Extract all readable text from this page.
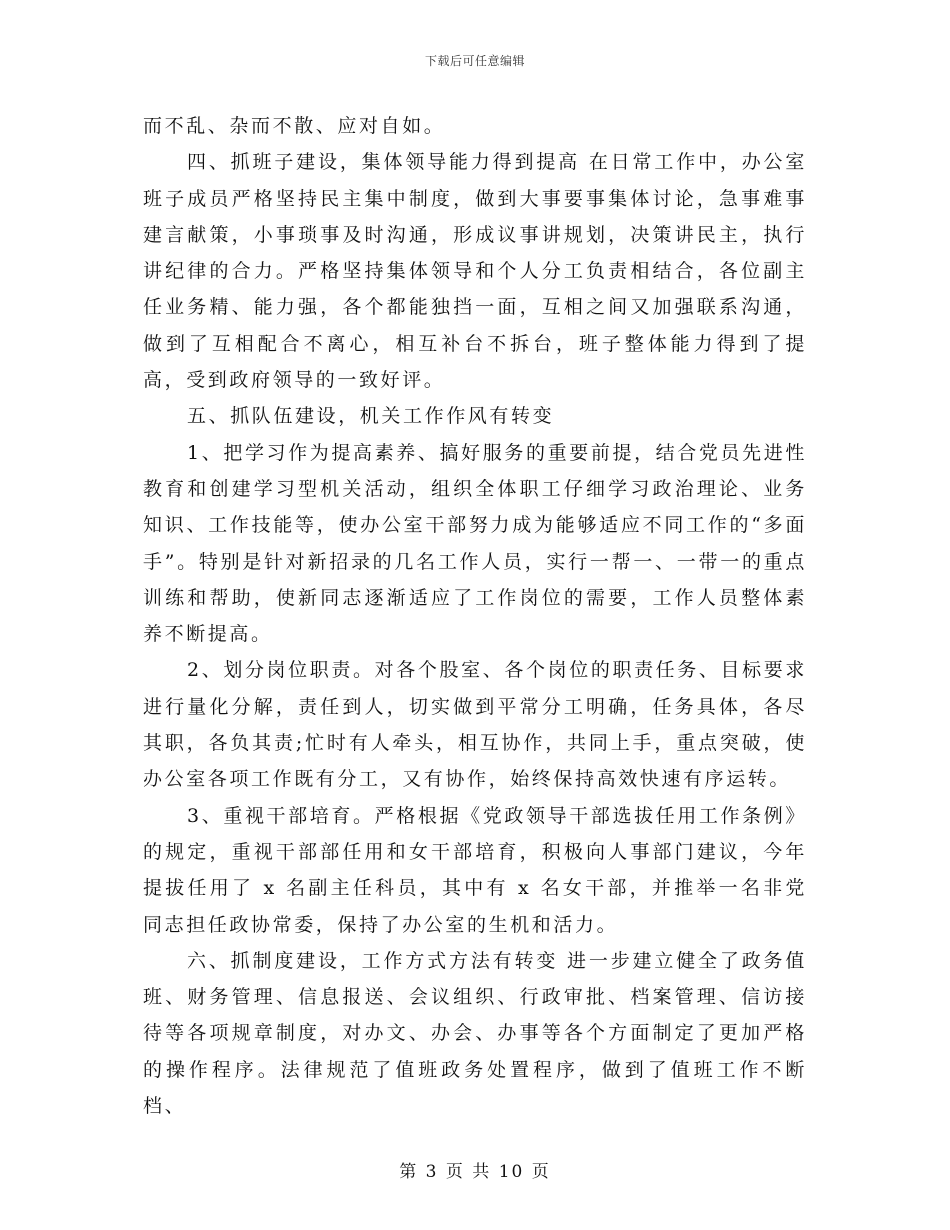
下载后可任意编辑

而不乱、杂而不散、应对自如。

四、抓班子建设，集体领导能力得到提高 在日常工作中，办公室班子成员严格坚持民主集中制度，做到大事要事集体讨论，急事难事建言献策，小事琐事及时沟通，形成议事讲规划，决策讲民主，执行讲纪律的合力。严格坚持集体领导和个人分工负责相结合，各位副主任业务精、能力强，各个都能独挡一面，互相之间又加强联系沟通，做到了互相配合不离心，相互补台不拆台，班子整体能力得到了提高，受到政府领导的一致好评。

五、抓队伍建设，机关工作作风有转变

1、把学习作为提高素养、搞好服务的重要前提，结合党员先进性教育和创建学习型机关活动，组织全体职工仔细学习政治理论、业务知识、工作技能等，使办公室干部努力成为能够适应不同工作的“多面手”。特别是针对新招录的几名工作人员，实行一帮一、一带一的重点训练和帮助，使新同志逐渐适应了工作岗位的需要，工作人员整体素养不断提高。

2、划分岗位职责。对各个股室、各个岗位的职责任务、目标要求进行量化分解，责任到人，切实做到平常分工明确，任务具体，各尽其职，各负其责;忙时有人牵头，相互协作，共同上手，重点突破，使办公室各项工作既有分工，又有协作，始终保持高效快速有序运转。

3、重视干部培育。严格根据《党政领导干部选拔任用工作条例》的规定，重视干部部任用和女干部培育，积极向人事部门建议，今年提拔任用了 x 名副主任科员，其中有 x 名女干部，并推举一名非党同志担任政协常委，保持了办公室的生机和活力。

六、抓制度建设，工作方式方法有转变 进一步建立健全了政务值班、财务管理、信息报送、会议组织、行政审批、档案管理、信访接待等各项规章制度，对办文、办会、办事等各个方面制定了更加严格的操作程序。法律规范了值班政务处置程序，做到了值班工作不断档、

第 3 页 共 10 页
